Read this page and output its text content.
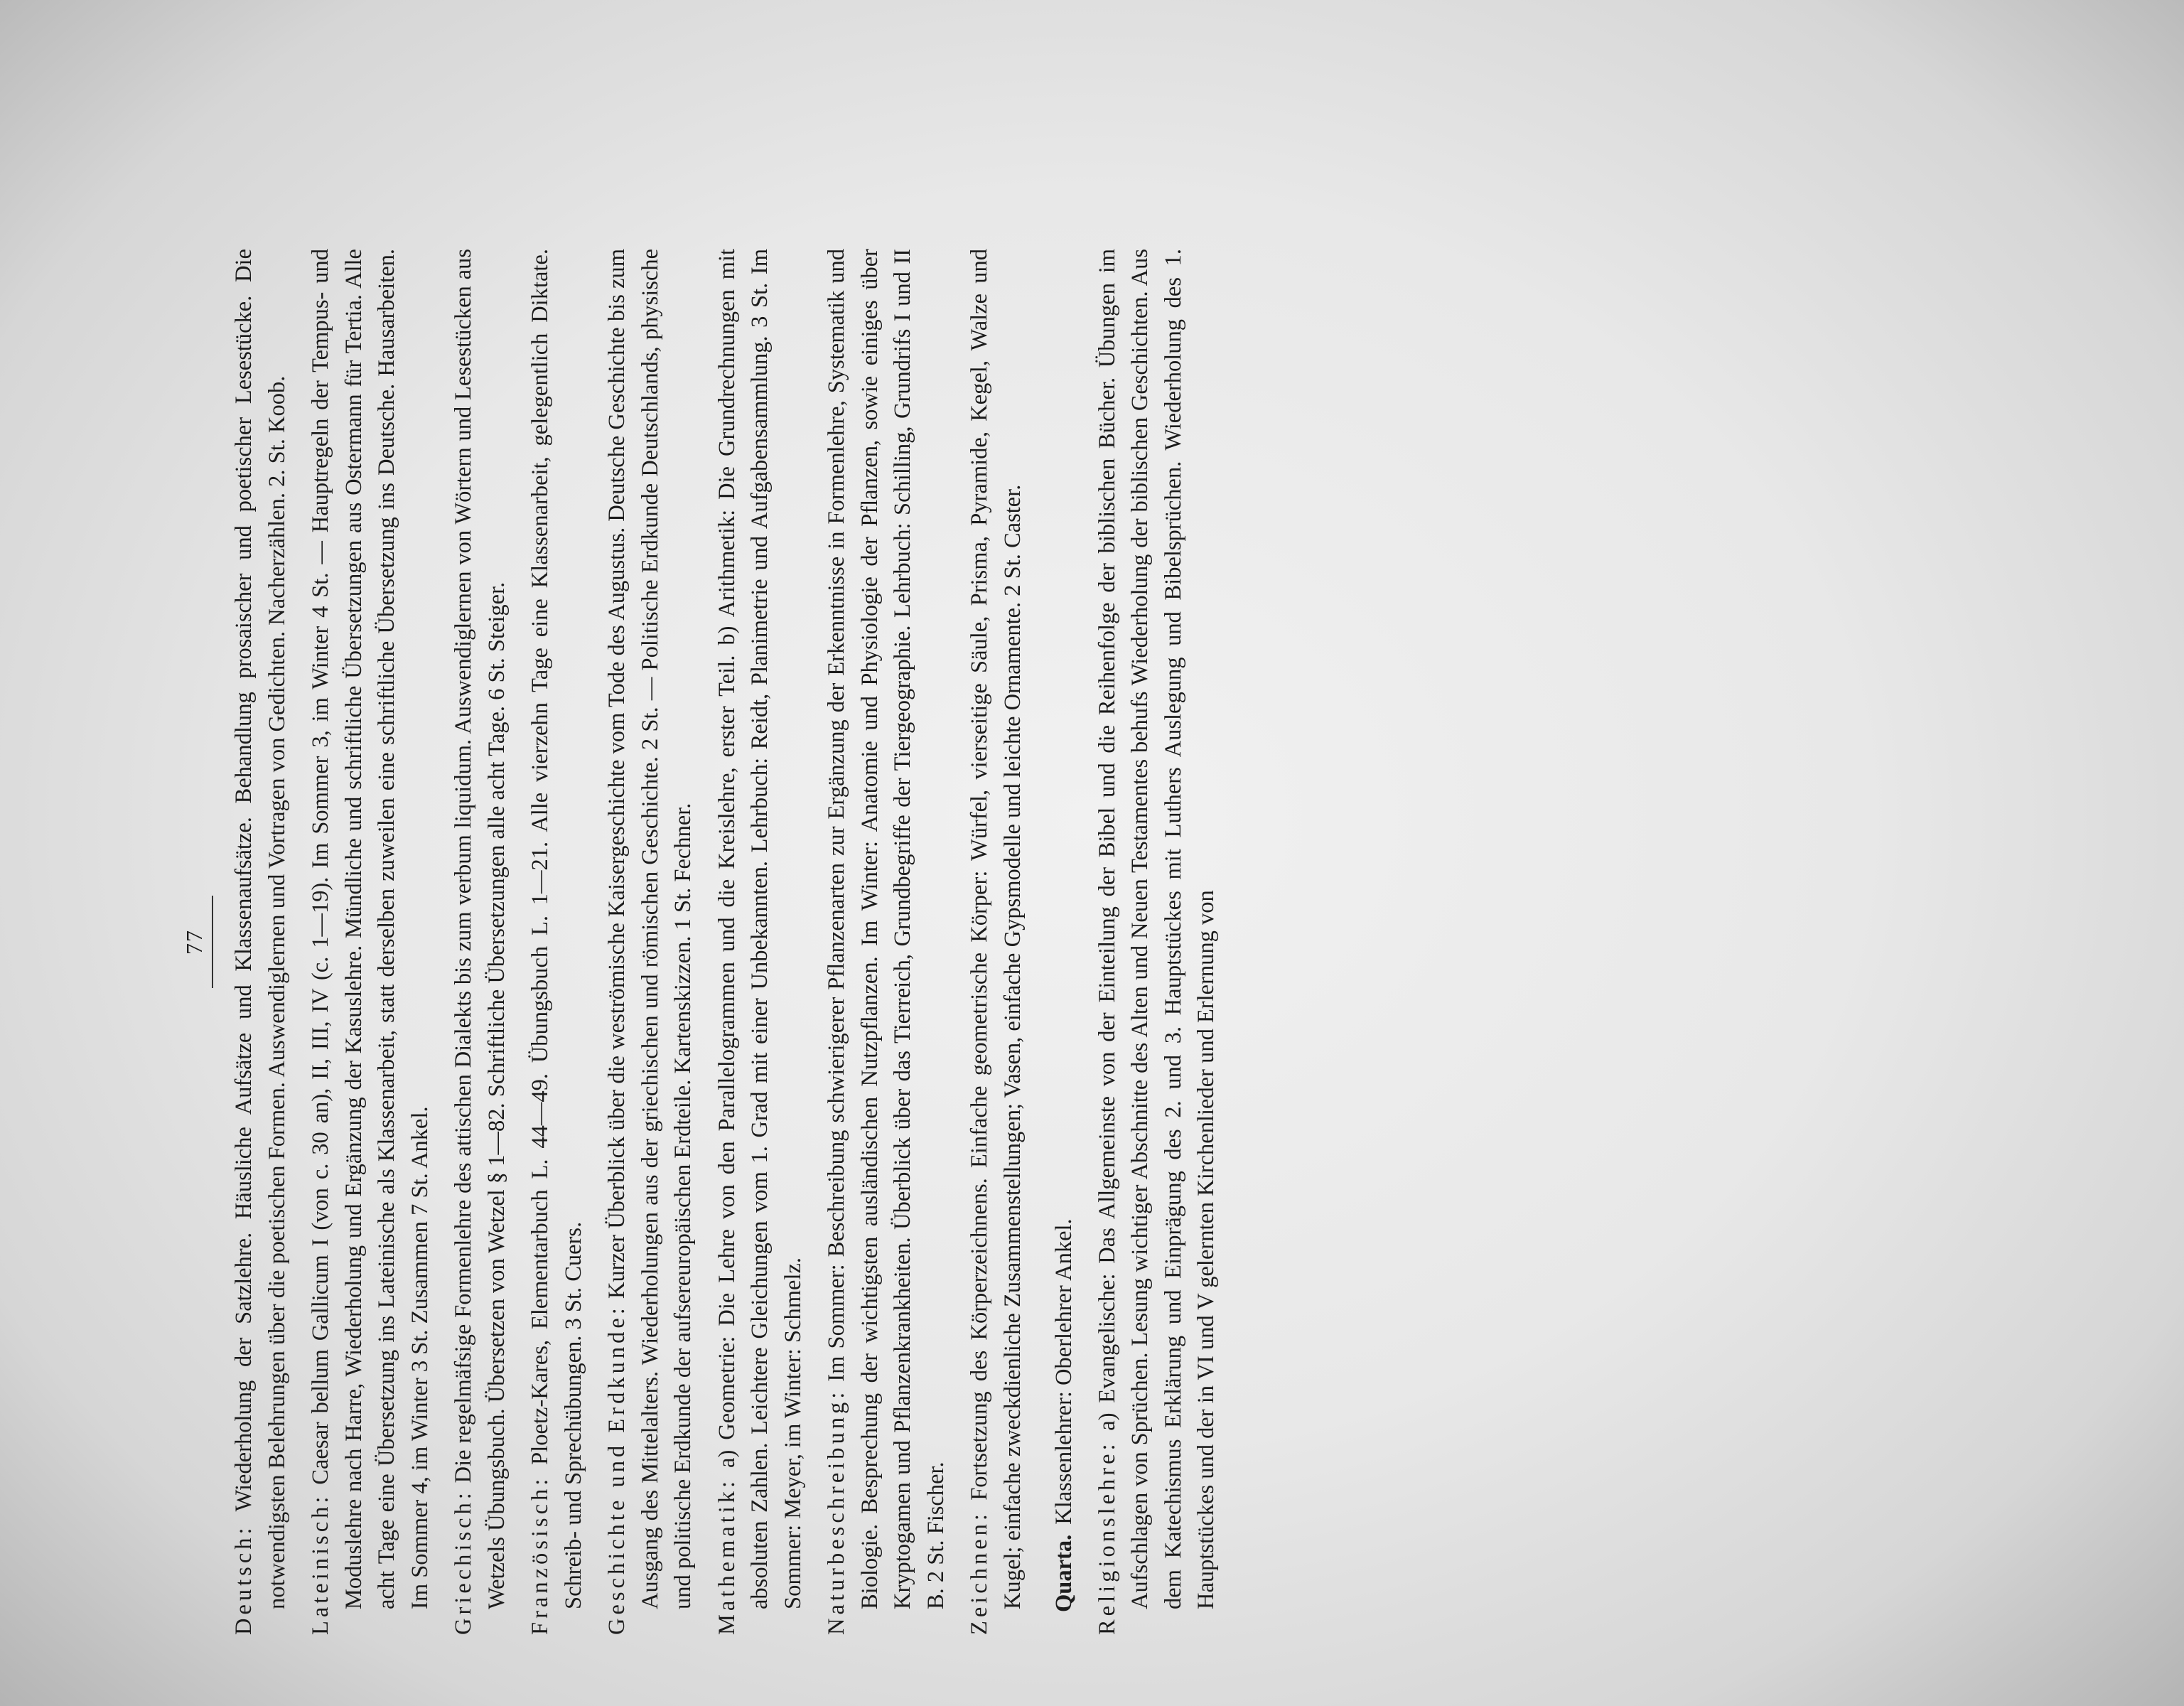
77

Deutsch: Wiederholung der Satzlehre. Häusliche Aufsätze und Klassenaufsätze. Behandlung prosaischer und poetischer Lesestücke. Die notwendigsten Belehrungen über die poetischen Formen. Auswendiglernen und Vortragen von Gedichten. Nacherzählen. 2. St. Koob. Lateinisch: Caesar bellum Gallicum I (von c. 30 an), II, III, IV (c. 1—19). Im Sommer 3, im Winter 4 St. — Hauptregeln der Tempus- und Moduslehre nach Harre, Wiederholung und Ergänzung der Kasuslehre. Mündliche und schriftliche Übersetzungen aus Ostermann für Tertia. Alle acht Tage eine Übersetzung ins Lateinische als Klassenarbeit, statt derselben zuweilen eine schriftliche Übersetzung ins Deutsche. Hausarbeiten. Im Sommer 4, im Winter 3 St. Zusammen 7 St. Ankel. Griechisch: Die regelmäfsige Formenlehre des attischen Dialekts bis zum verbum liquidum. Auswendiglernen von Wörtern und Lesestücken aus Wetzels Übungsbuch. Übersetzen von Wetzel § 1—82. Schriftliche Übersetzungen alle acht Tage. 6 St. Steiger. Französisch: Ploetz-Kares, Elementarbuch L. 44—49. Übungsbuch L. 1—21. Alle vierzehn Tage eine Klassenarbeit, gelegentlich Diktate. Schreib- und Sprechübungen. 3 St. Cuers. Geschichte und Erdkunde: Kurzer Überblick über die weströmische Kaisergeschichte vom Tode des Augustus. Deutsche Geschichte bis zum Ausgang des Mittelalters. Wiederholungen aus der griechischen und römischen Geschichte. 2 St. — Politische Erdkunde Deutschlands, physische und politische Erdkunde der aufsereuropäischen Erdteile. Kartenskizzen. 1 St. Fechner. Mathematik: a) Geometrie: Die Lehre von den Parallelogrammen und die Kreislehre, erster Teil. b) Arithmetik: Die Grundrechnungen mit absoluten Zahlen. Leichtere Gleichungen vom 1. Grad mit einer Unbekannten. Lehrbuch: Reidt, Planimetrie und Aufgabensammlung. 3 St. Im Sommer: Meyer, im Winter: Schmelz. Naturbeschreibung: Im Sommer: Beschreibung schwierigerer Pflanzenarten zur Ergänzung der Erkenntnisse in Formenlehre, Systematik und Biologie. Besprechung der wichtigsten ausländischen Nutzpflanzen. Im Winter: Anatomie und Physiologie der Pflanzen, sowie einiges über Kryptogamen und Pflanzenkrankheiten. Überblick über das Tierreich, Grundbegriffe der Tiergeographie. Lehrbuch: Schilling, Grundrifs I und II B. 2 St. Fischer. Zeichnen: Fortsetzung des Körperzeichnens. Einfache geometrische Körper: Würfel, vierseitige Säule, Prisma, Pyramide, Kegel, Walze und Kugel; einfache zweckdienliche Zusammenstellungen; Vasen, einfache Gypsmodelle und leichte Ornamente. 2 St. Caster. Quarta.Klassenlehrer: Oberlehrer Ankel.

Religionslehre: a) Evangelische: Das Allgemeinste von der Einteilung der Bibel und die Reihenfolge der biblischen Bücher. Übungen im Aufschlagen von Sprüchen. Lesung wichtiger Abschnitte des Alten und Neuen Testamentes behufs Wiederholung der biblischen Geschichten. Aus dem Katechismus Erklärung und Einprägung des 2. und 3. Hauptstückes mit Luthers Auslegung und Bibelsprüchen. Wiederholung des 1. Hauptstückes und der in VI und V gelernten Kirchenlieder und Erlernung von
